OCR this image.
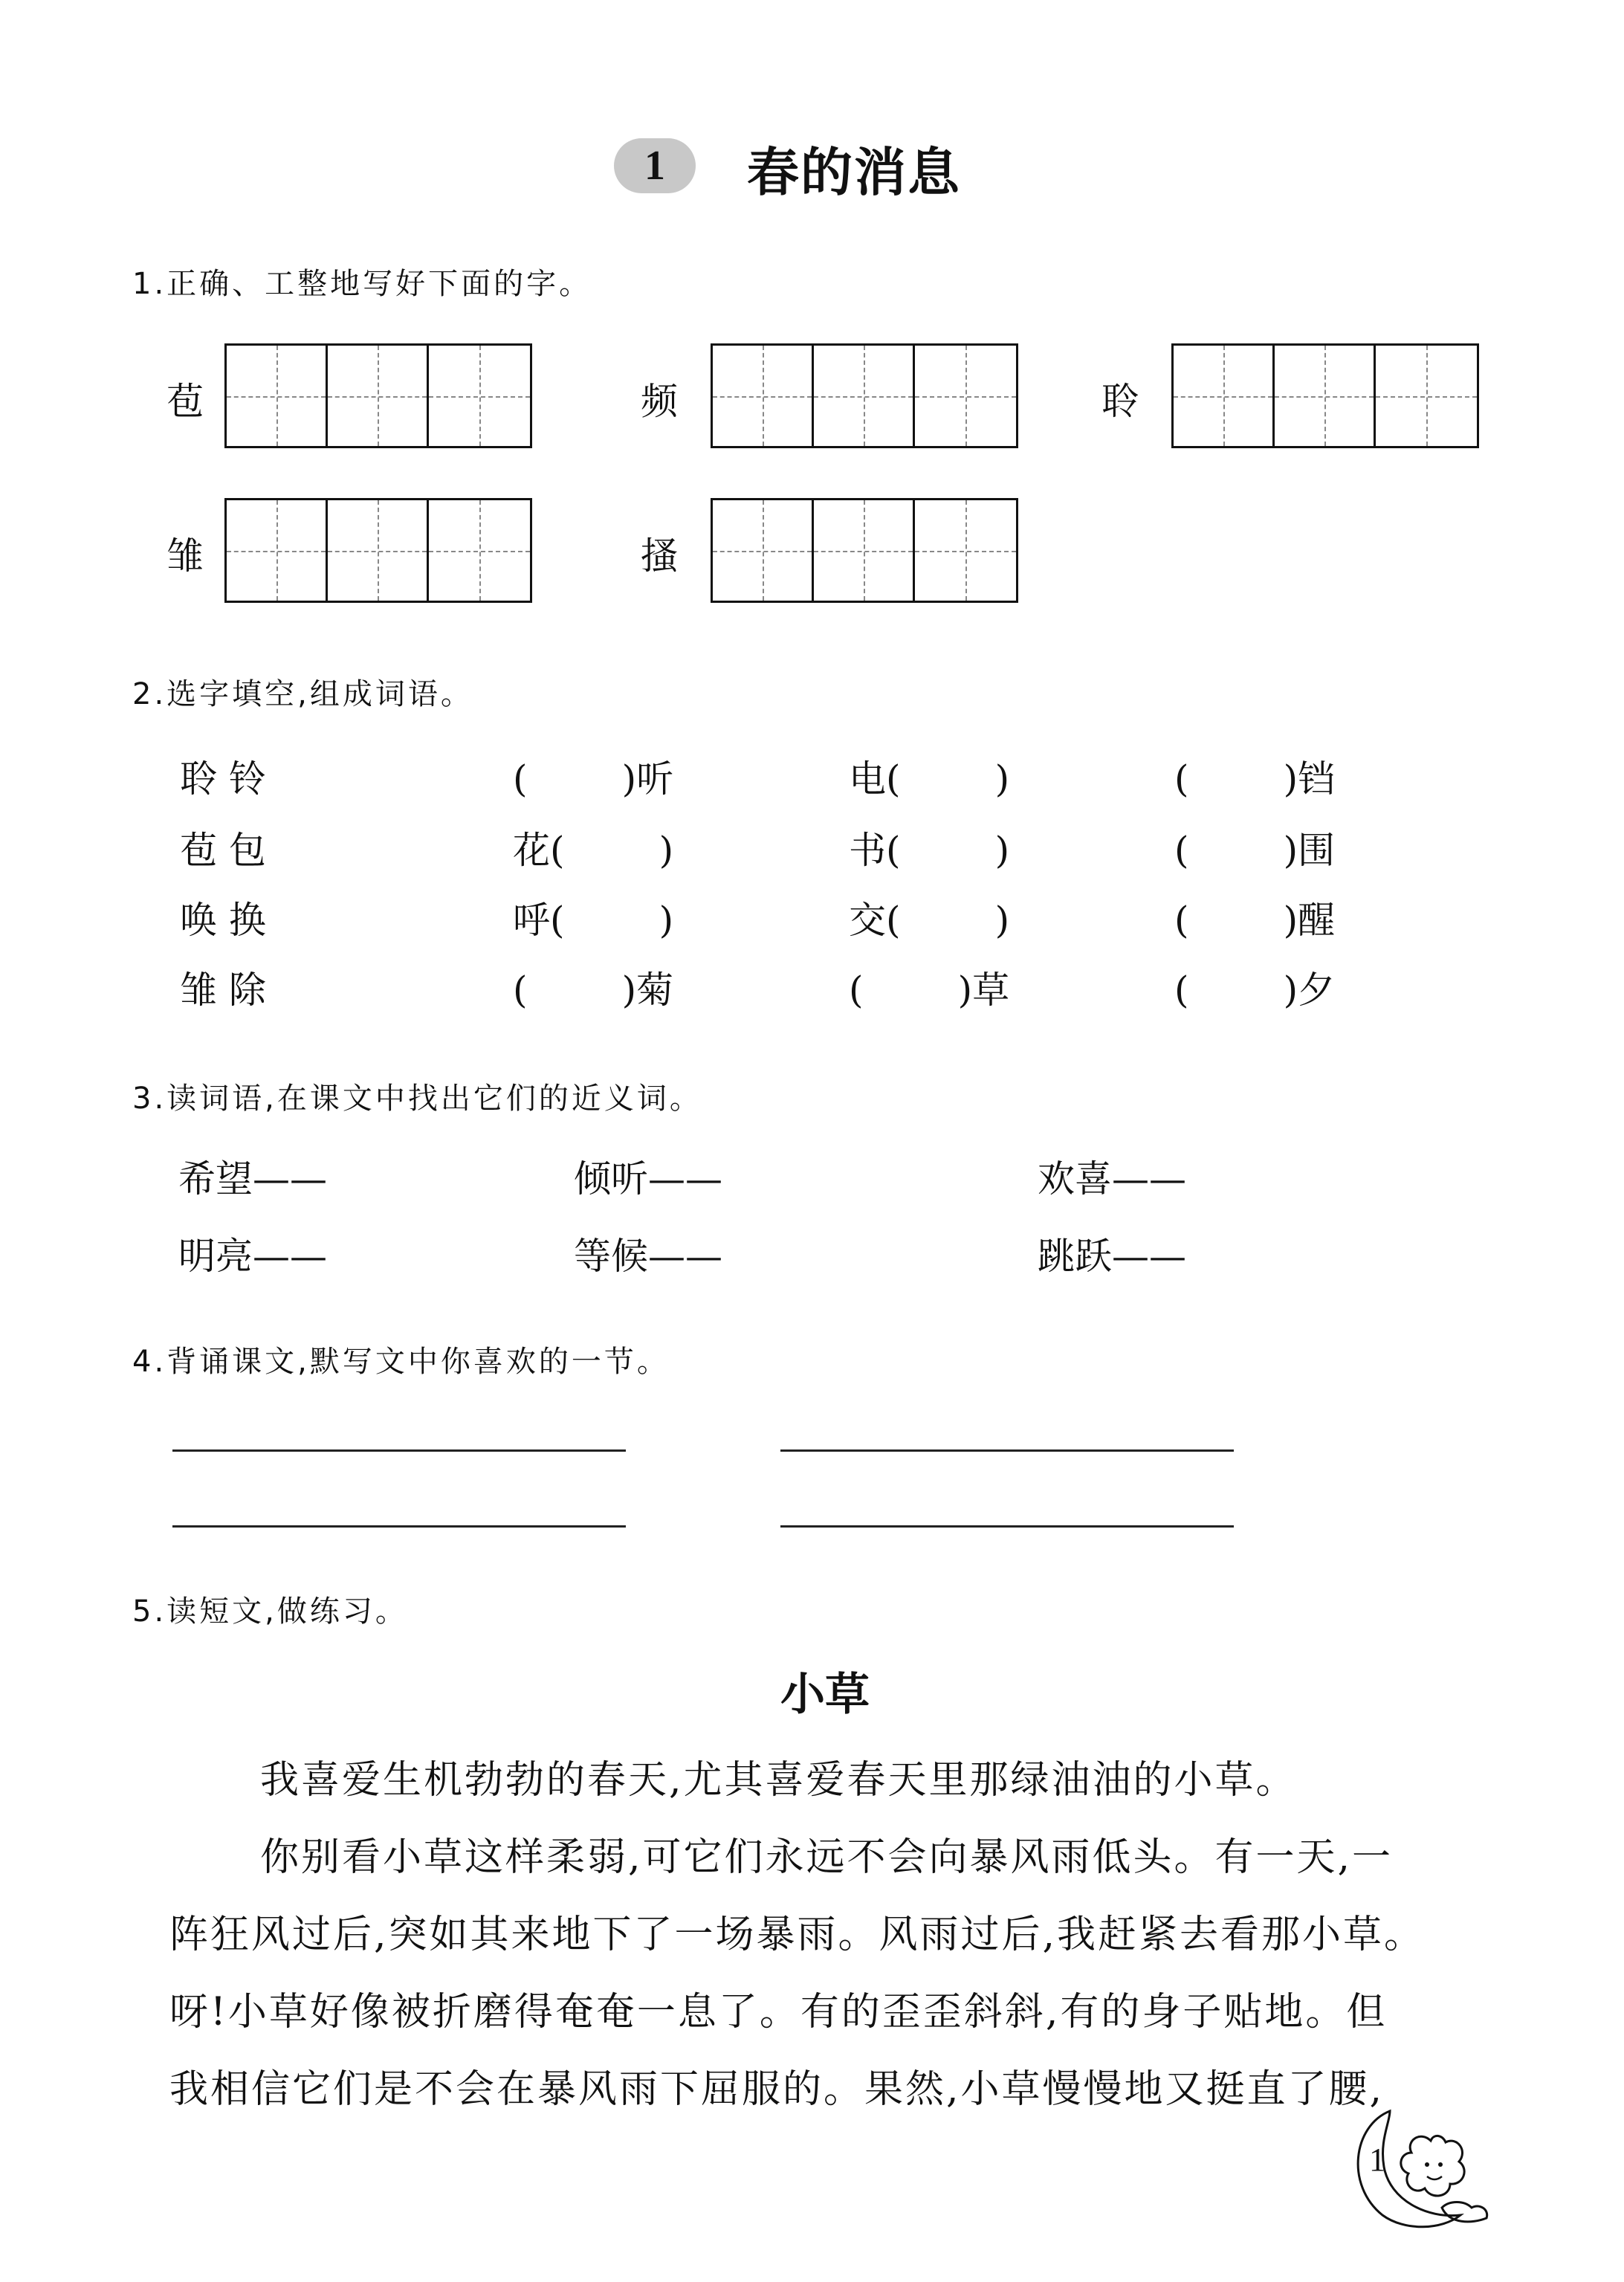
1 春的消息
1.正确、工整地写好下面的字。
苞	频	聆
雏	搔
2.选字填空,组成词语。
聆 铃	(        )听	电(        )	(        )铛
苞 包	花(        )	书(        )	(        )围
唤 换	呼(        )	交(        )	(        )醒
雏 除	(        )菊	(        )草	(        )夕
3.读词语,在课文中找出它们的近义词。
希望——	倾听——	欢喜——
明亮——	等候——	跳跃——
4.背诵课文,默写文中你喜欢的一节。
5.读短文,做练习。
小草
我喜爱生机勃勃的春天,尤其喜爱春天里那绿油油的小草。
你别看小草这样柔弱,可它们永远不会向暴风雨低头。有一天,一
阵狂风过后,突如其来地下了一场暴雨。风雨过后,我赶紧去看那小草。
呀!小草好像被折磨得奄奄一息了。有的歪歪斜斜,有的身子贴地。但
我相信它们是不会在暴风雨下屈服的。果然,小草慢慢地又挺直了腰,
1
